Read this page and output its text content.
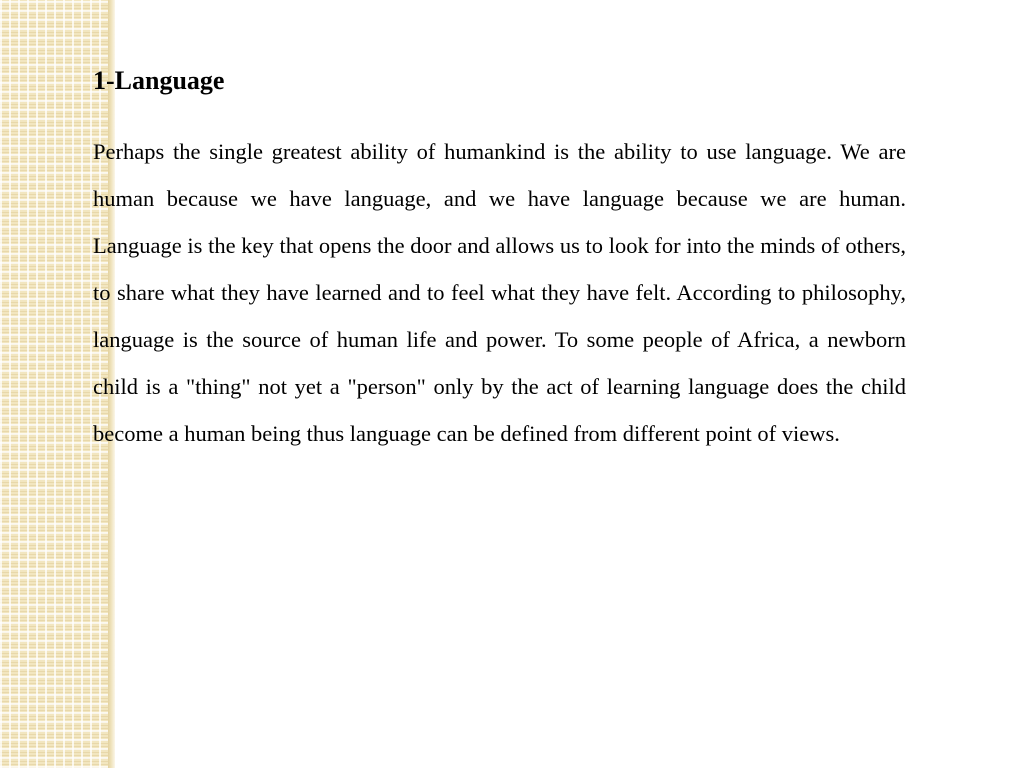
1-Language

Perhaps the single greatest ability of humankind is the ability to use language. We are human because we have language, and we have language because we are human. Language is the key that opens the door and allows us to look for into the minds of others, to share what they have learned and to feel what they have felt. According to philosophy, language is the source of human life and power. To some people of Africa, a newborn child is a "thing" not yet a "person" only by the act of learning language does the child become a human being thus language can be defined from different point of views.
